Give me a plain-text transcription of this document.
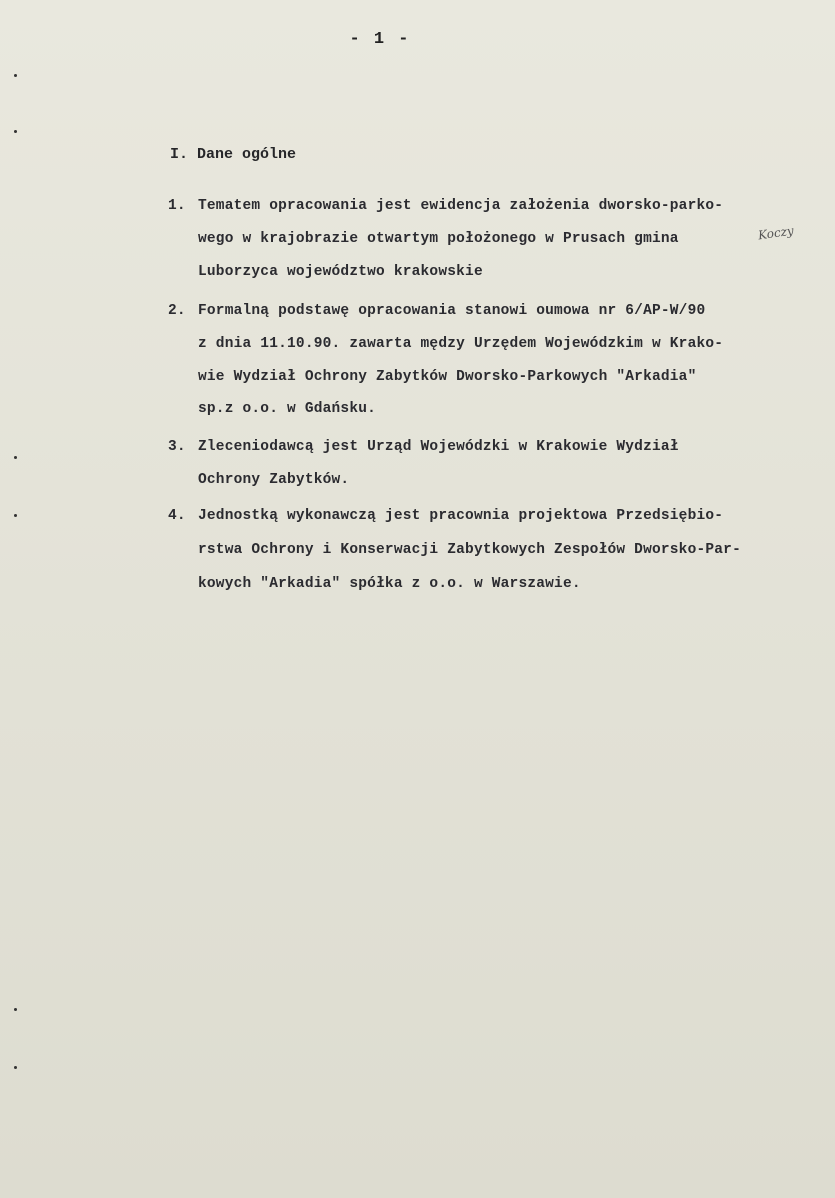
- 1 -
I. Dane ogólne
1. Tematem opracowania jest ewidencja założenia dworsko-parko-
wego w krajobrazie otwartym położonego w Prusach gmina
Luborzyca województwo krakowskie
Koczy
2. Formalną podstawę opracowania stanowi oumowa nr 6/AP-W/90
z dnia 11.10.90. zawarta mędzy Urzędem Wojewódzkim w Krako-
wie Wydział Ochrony Zabytków Dworsko-Parkowych "Arkadia"
sp.z o.o. w Gdańsku.
3. Zleceniodawcą jest Urząd Wojewódzki w Krakowie Wydział
Ochrony Zabytków.
4. Jednostką wykonawczą jest pracownia projektowa Przedsiębio-
rstwa Ochrony i Konserwacji Zabytkowych Zespołów Dworsko-Par-
kowych "Arkadia" spółka z o.o. w Warszawie.
